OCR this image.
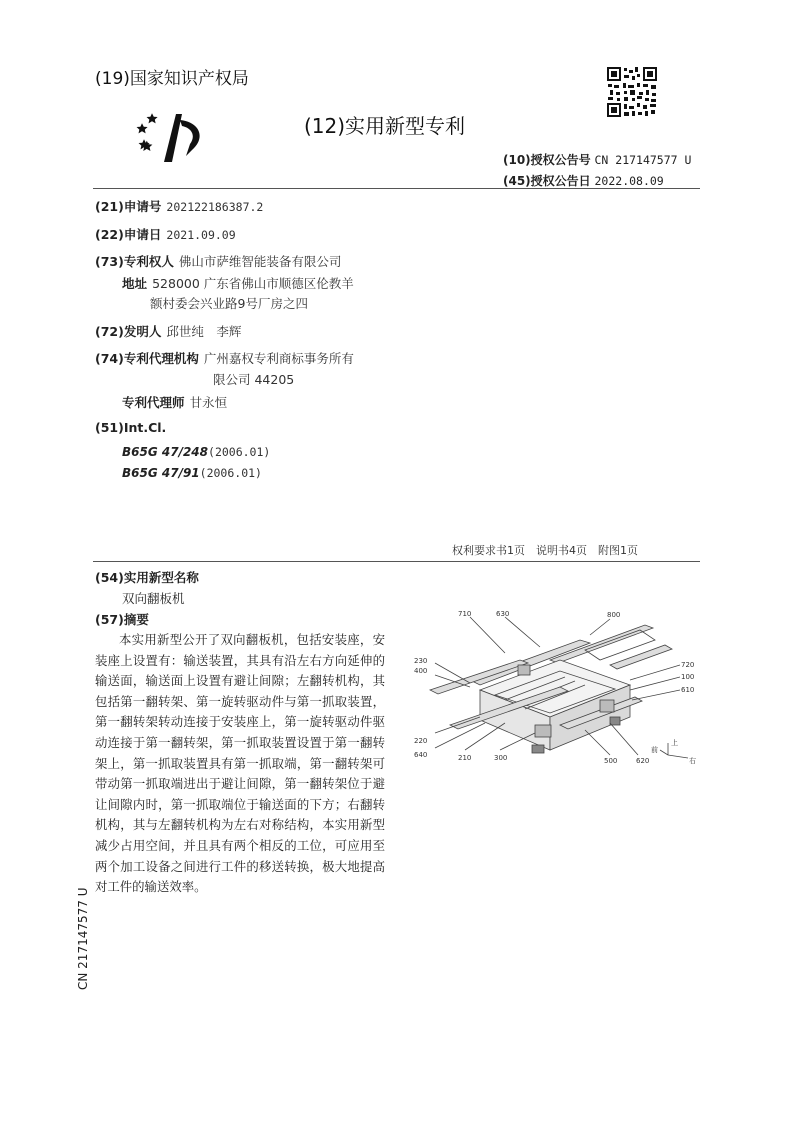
(19)国家知识产权局
(12)实用新型专利
(10)授权公告号 CN 217147577 U
(45)授权公告日 2022.08.09
(21)申请号 202122186387.2
(22)申请日 2021.09.09
(73)专利权人 佛山市萨维智能装备有限公司
地址 528000 广东省佛山市顺德区伦教羊
额村委会兴业路9号厂房之四
(72)发明人 邱世纯　李辉
(74)专利代理机构 广州嘉权专利商标事务所有
限公司 44205
专利代理师 甘永恒
(51)Int.Cl.
B65G 47/248(2006.01)
B65G 47/91(2006.01)
权利要求书1页　说明书4页　附图1页
(54)实用新型名称
双向翻板机
(57)摘要

本实用新型公开了双向翻板机，包括安装座，安装座上设置有：输送装置，其具有沿左右方向延伸的输送面，输送面上设置有避让间隙；左翻转机构，其包括第一翻转架、第一旋转驱动件与第一抓取装置，第一翻转架转动连接于安装座上，第一旋转驱动件驱动连接于第一翻转架，第一抓取装置设置于第一翻转架上，第一抓取装置具有第一抓取端，第一翻转架可带动第一抓取端进出于避让间隙，第一翻转架位于避让间隙内时，第一抓取端位于输送面的下方；右翻转机构，其与左翻转机构为左右对称结构，本实用新型减少占用空间，并且具有两个相反的工位，可应用至两个加工设备之间进行工件的移送转换，极大地提高对工件的输送效率。

CN 217147577 U
710	630	800
230
400
720
100
610
220
640	210	300	500	620
上
前
右
